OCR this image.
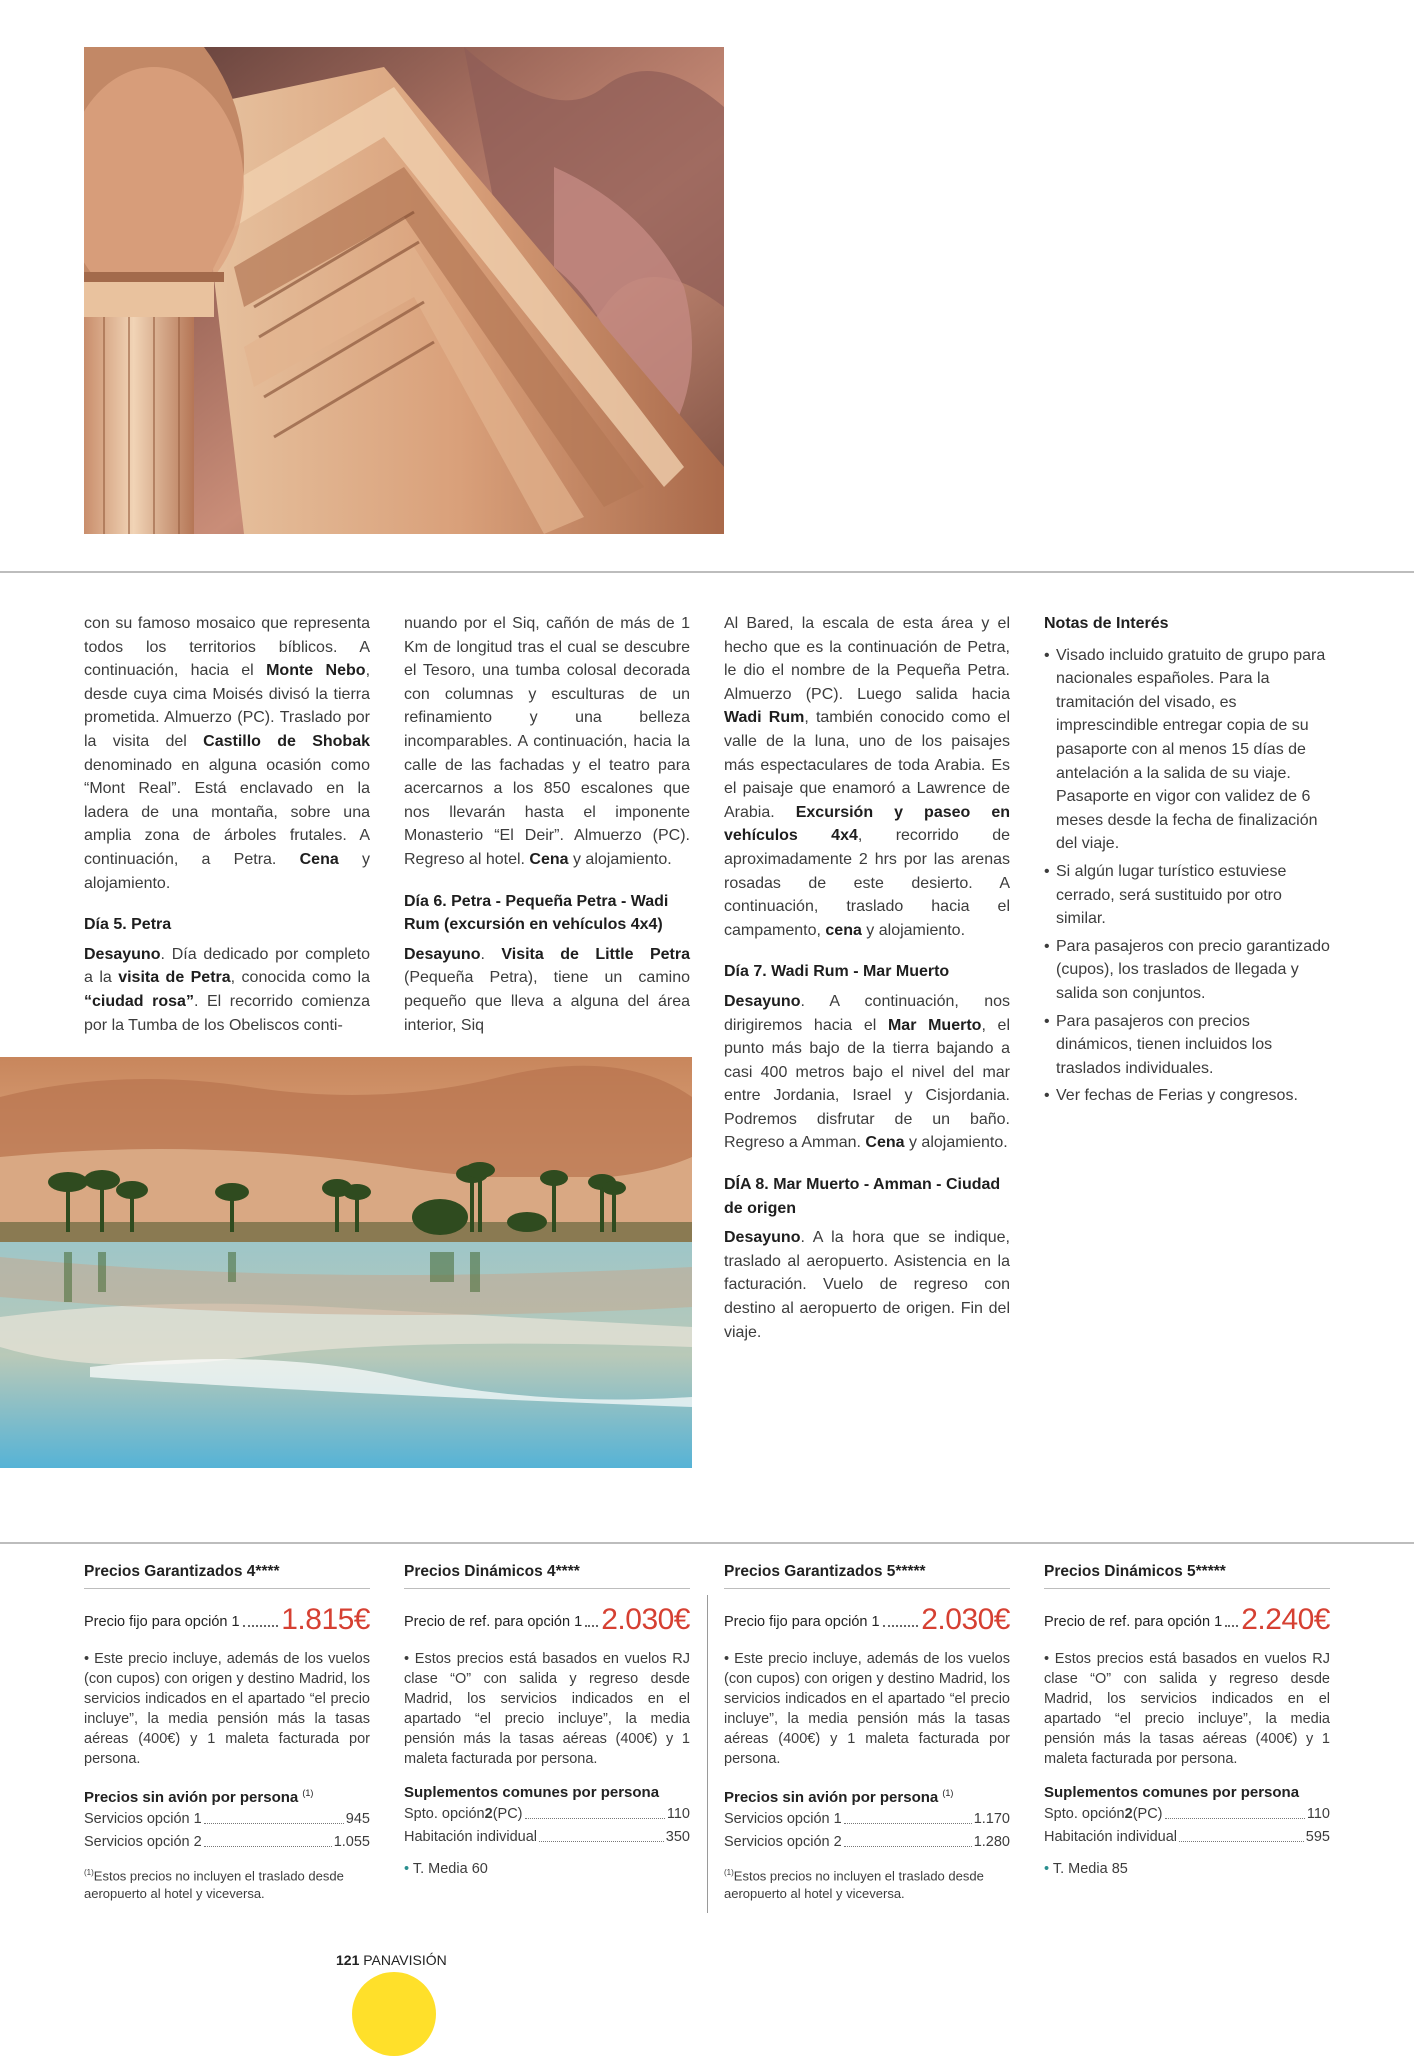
con su famoso mosaico que representa todos los territorios bíblicos. A continuación, hacia el Monte Nebo, desde cuya cima Moisés divisó la tierra prometida. Almuerzo (PC). Traslado por la visita del Castillo de Shobak denominado en alguna ocasión como “Mont Real”. Está enclavado en la ladera de una montaña, sobre una amplia zona de árboles frutales. A continuación, a Petra. Cena y alojamiento.

Día 5. Petra

Desayuno. Día dedicado por completo a la visita de Petra, conocida como la “ciudad rosa”. El recorrido comienza por la Tumba de los Obeliscos conti-

nuando por el Siq, cañón de más de 1 Km de longitud tras el cual se descubre el Tesoro, una tumba colosal decorada con columnas y esculturas de un refinamiento y una belleza incomparables. A continuación, hacia la calle de las fachadas y el teatro para acercarnos a los 850 escalones que nos llevarán hasta el imponente Monasterio “El Deir”. Almuerzo (PC). Regreso al hotel. Cena y alojamiento.

Día 6. Petra - Pequeña Petra - Wadi Rum (excursión en vehículos 4x4)

Desayuno. Visita de Little Petra (Pequeña Petra), tiene un camino pequeño que lleva a alguna del área interior, Siq

Al Bared, la escala de esta área y el hecho que es la continuación de Petra, le dio el nombre de la Pequeña Petra. Almuerzo (PC). Luego salida hacia Wadi Rum, también conocido como el valle de la luna, uno de los paisajes más espectaculares de toda Arabia. Es el paisaje que enamoró a Lawrence de Arabia. Excursión y paseo en vehículos 4x4, recorrido de aproximadamente 2 hrs por las arenas rosadas de este desierto. A continuación, traslado hacia el campamento, cena y alojamiento.

Día 7. Wadi Rum - Mar Muerto

Desayuno. A continuación, nos dirigiremos hacia el Mar Muerto, el punto más bajo de la tierra bajando a casi 400 metros bajo el nivel del mar entre Jordania, Israel y Cisjordania. Podremos disfrutar de un baño. Regreso a Amman. Cena y alojamiento.

DÍA 8. Mar Muerto - Amman - Ciudad de origen

Desayuno. A la hora que se indique, traslado al aeropuerto. Asistencia en la facturación. Vuelo de regreso con destino al aeropuerto de origen. Fin del viaje.

Notas de Interés
• Visado incluido gratuito de grupo para nacionales españoles. Para la tramitación del visado, es imprescindible entregar copia de su pasaporte con al menos 15 días de antelación a la salida de su viaje. Pasaporte en vigor con validez de 6 meses desde la fecha de finalización del viaje.
• Si algún lugar turístico estuviese cerrado, será sustituido por otro similar.
• Para pasajeros con precio garantizado (cupos), los traslados de llegada y salida son conjuntos.
• Para pasajeros con precios dinámicos, tienen incluidos los traslados individuales.
• Ver fechas de Ferias y congresos.
Precios Garantizados 4****
Precio fijo para opción 1 1.815€
• Este precio incluye, además de los vuelos (con cupos) con origen y destino Madrid, los servicios indicados en el apartado “el precio incluye”, la media pensión más la tasas aéreas (400€) y 1 maleta facturada por persona.
Precios sin avión por persona $^{(1)}$
Servicios opción 1	945
Servicios opción 2	1.055
$^{(1)}$Estos precios no incluyen el traslado desde aeropuerto al hotel y viceversa.
Precios Dinámicos 4****
Precio de ref. para opción 1 2.030€
• Estos precios está basados en vuelos RJ clase “O” con salida y regreso desde Madrid, los servicios indicados en el apartado “el precio incluye”, la media pensión más la tasas aéreas (400€) y 1 maleta facturada por persona.
Suplementos comunes por persona
Spto. opción 2 (PC)	110
Habitación individual	350
• T. Media 60
Precios Garantizados 5*****
Precio fijo para opción 1 2.030€
• Este precio incluye, además de los vuelos (con cupos) con origen y destino Madrid, los servicios indicados en el apartado “el precio incluye”, la media pensión más la tasas aéreas (400€) y 1 maleta facturada por persona.
Precios sin avión por persona $^{(1)}$
Servicios opción 1	1.170
Servicios opción 2	1.280
$^{(1)}$Estos precios no incluyen el traslado desde aeropuerto al hotel y viceversa.
Precios Dinámicos 5*****
Precio de ref. para opción 1 2.240€
• Estos precios está basados en vuelos RJ clase “O” con salida y regreso desde Madrid, los servicios indicados en el apartado “el precio incluye”, la media pensión más la tasas aéreas (400€) y 1 maleta facturada por persona.
Suplementos comunes por persona
Spto. opción 2 (PC)	110
Habitación individual	595
• T. Media 85
121 PANAVISIÓN
